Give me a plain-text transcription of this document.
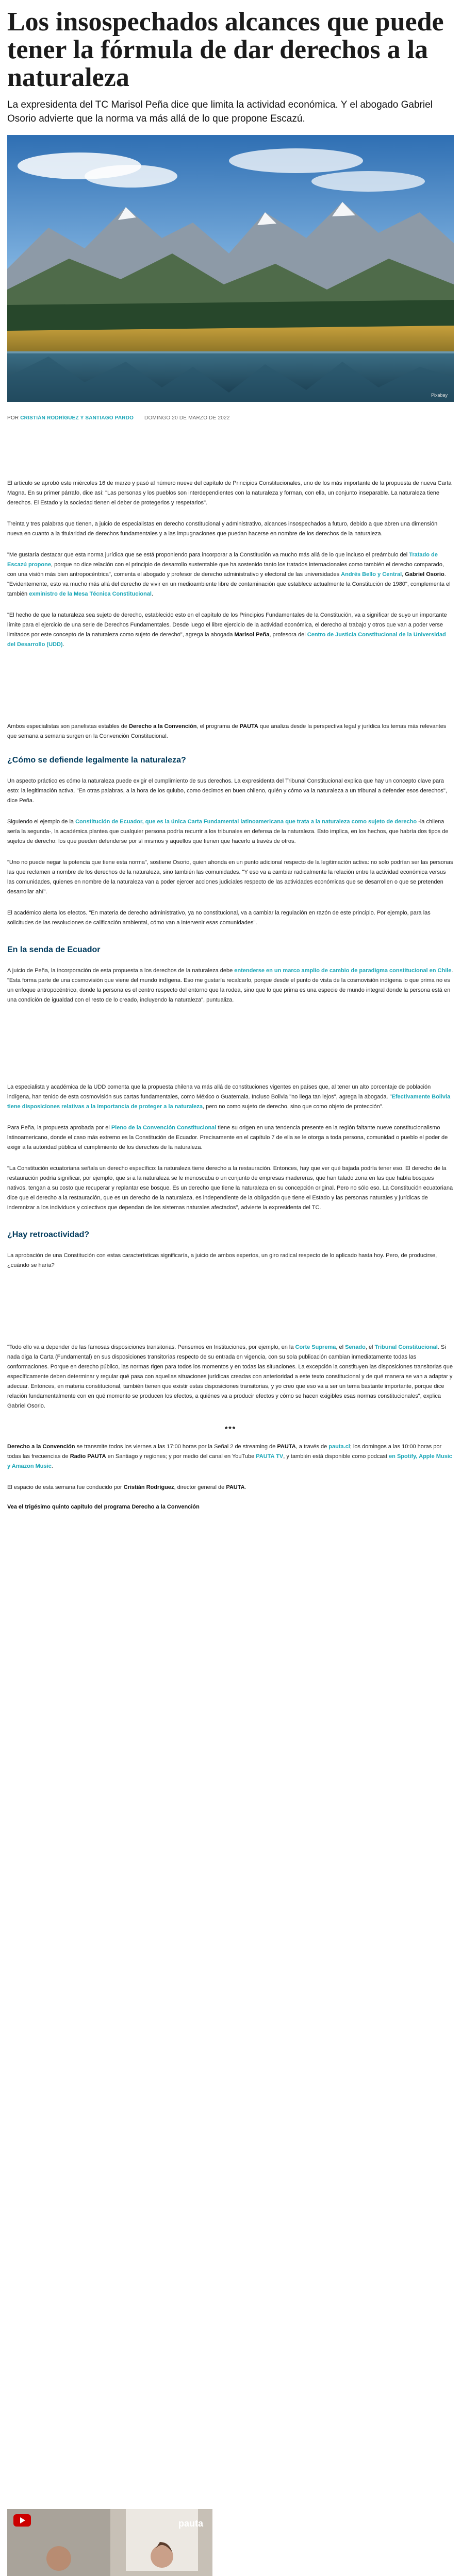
Los insospechados alcances que puede tener la fórmula de dar derechos a la naturaleza

La expresidenta del TC Marisol Peña dice que limita la actividad económica. Y el abogado Gabriel Osorio advierte que la norma va más allá de lo que propone Escazú.

Pixabay
POR CRISTIÁN RODRÍGUEZ Y SANTIAGO PARDO DOMINGO 20 DE MARZO DE 2022

El artículo se aprobó este miércoles 16 de marzo y pasó al número nueve del capítulo de Principios Constitucionales, uno de los más importante de la propuesta de nueva Carta Magna. En su primer párrafo, dice así: "Las personas y los pueblos son interdependientes con la naturaleza y forman, con ella, un conjunto inseparable. La naturaleza tiene derechos. El Estado y la sociedad tienen el deber de protegerlos y respetarlos".

Treinta y tres palabras que tienen, a juicio de especialistas en derecho constitucional y administrativo, alcances insospechados a futuro, debido a que abren una dimensión nueva en cuanto a la titularidad de derechos fundamentales y a las impugnaciones que puedan hacerse en nombre de los derechos de la naturaleza.

"Me gustaría destacar que esta norma jurídica que se está proponiendo para incorporar a la Constitución va mucho más allá de lo que incluso el preámbulo del Tratado de Escazú propone, porque no dice relación con el principio de desarrollo sustentable que ha sostenido tanto los tratados internacionales como también el derecho comparado, con una visión más bien antropocéntrica", comenta el abogado y profesor de derecho administrativo y electoral de las universidades Andrés Bello y Central, Gabriel Osorio. "Evidentemente, esto va mucho más allá del derecho de vivir en un medioambiente libre de contaminación que establece actualmente la Constitución de 1980", complementa el también exministro de la Mesa Técnica Constitucional.

"El hecho de que la naturaleza sea sujeto de derecho, establecido esto en el capítulo de los Principios Fundamentales de la Constitución, va a significar de suyo un importante límite para el ejercicio de una serie de Derechos Fundamentales. Desde luego el libre ejercicio de la actividad económica, el derecho al trabajo y otros que van a poder verse limitados por este concepto de la naturaleza como sujeto de derecho", agrega la abogada Marisol Peña, profesora del Centro de Justicia Constitucional de la Universidad del Desarrollo (UDD).

Ambos especialistas son panelistas estables de Derecho a la Convención, el programa de PAUTA que analiza desde la perspectiva legal y jurídica los temas más relevantes que semana a semana surgen en la Convención Constitucional.

¿Cómo se defiende legalmente la naturaleza?

Un aspecto práctico es cómo la naturaleza puede exigir el cumplimiento de sus derechos. La expresidenta del Tribunal Constitucional explica que hay un concepto clave para esto: la legitimación activa. "En otras palabras, a la hora de los quiubo, como decimos en buen chileno, quién y cómo va la naturaleza a un tribunal a defender esos derechos", dice Peña.

Siguiendo el ejemplo de la Constitución de Ecuador, que es la única Carta Fundamental latinoamericana que trata a la naturaleza como sujeto de derecho -la chilena sería la segunda-, la académica plantea que cualquier persona podría recurrir a los tribunales en defensa de la naturaleza. Esto implica, en los hechos, que habría dos tipos de sujetos de derecho: los que pueden defenderse por sí mismos y aquellos que tienen que hacerlo a través de otros.

"Uno no puede negar la potencia que tiene esta norma", sostiene Osorio, quien ahonda en un punto adicional respecto de la legitimación activa: no solo podrían ser las personas las que reclamen a nombre de los derechos de la naturaleza, sino también las comunidades. "Y eso va a cambiar radicalmente la relación entre la actividad económica versus las comunidades, quienes en nombre de la naturaleza van a poder ejercer acciones judiciales respecto de las actividades económicas que se desarrollen o que se pretenden desarrollar ahí".

El académico alerta los efectos. "En materia de derecho administrativo, ya no constitucional, va a cambiar la regulación en razón de este principio. Por ejemplo, para las solicitudes de las resoluciones de calificación ambiental, cómo van a intervenir esas comunidades".

En la senda de Ecuador

A juicio de Peña, la incorporación de esta propuesta a los derechos de la naturaleza debe entenderse en un marco amplio de cambio de paradigma constitucional en Chile. "Esta forma parte de una cosmovisión que viene del mundo indígena. Eso me gustaría recalcarlo, porque desde el punto de vista de la cosmovisión indígena lo que prima no es un enfoque antropocéntrico, donde la persona es el centro respecto del entorno que la rodea, sino que lo que prima es una especie de mundo integral donde la persona está en una condición de igualdad con el resto de lo creado, incluyendo la naturaleza", puntualiza.

La especialista y académica de la UDD comenta que la propuesta chilena va más allá de constituciones vigentes en países que, al tener un alto porcentaje de población indígena, han tenido de esta cosmovisión sus cartas fundamentales, como México o Guatemala. Incluso Bolivia "no llega tan lejos", agrega la abogada. "Efectivamente Bolivia tiene disposiciones relativas a la importancia de proteger a la naturaleza, pero no como sujeto de derecho, sino que como objeto de protección".

Para Peña, la propuesta aprobada por el Pleno de la Convención Constitucional tiene su origen en una tendencia presente en la región faltante nueve constitucionalismo latinoamericano, donde el caso más extremo es la Constitución de Ecuador. Precisamente en el capítulo 7 de ella se le otorga a toda persona, comunidad o pueblo el poder de exigir a la autoridad pública el cumplimiento de los derechos de la naturaleza.

"La Constitución ecuatoriana señala un derecho específico: la naturaleza tiene derecho a la restauración. Entonces, hay que ver qué bajada podría tener eso. El derecho de la restauración podría significar, por ejemplo, que si a la naturaleza se le menoscaba o un conjunto de empresas madereras, que han talado zona en las que había bosques nativos, tengan a su costo que recuperar y replantar ese bosque. Es un derecho que tiene la naturaleza en su concepción original. Pero no sólo eso. La Constitución ecuatoriana dice que el derecho a la restauración, que es un derecho de la naturaleza, es independiente de la obligación que tiene el Estado y las personas naturales y jurídicas de indemnizar a los individuos y colectivos que dependan de los sistemas naturales afectados", advierte la expresidenta del TC.

¿Hay retroactividad?

La aprobación de una Constitución con estas características significaría, a juicio de ambos expertos, un giro radical respecto de lo aplicado hasta hoy. Pero, de producirse, ¿cuándo se haría?

"Todo ello va a depender de las famosas disposiciones transitorias. Pensemos en Instituciones, por ejemplo, en la Corte Suprema, el Senado, el Tribunal Constitucional. Si nada diga la Carta (Fundamental) en sus disposiciones transitorias respecto de su entrada en vigencia, con su sola publicación cambian inmediatamente todas las conformaciones. Porque en derecho público, las normas rigen para todos los momentos y en todas las situaciones. La excepción la constituyen las disposiciones transitorias que específicamente deben determinar y regular qué pasa con aquellas situaciones jurídicas creadas con anterioridad a este texto constitucional y de qué manera se van a adaptar y adecuar. Entonces, en materia constitucional, también tienen que existir estas disposiciones transitorias, y yo creo que eso va a ser un tema bastante importante, porque dice relación fundamentalmente con en qué momento se producen los efectos, a quiénes va a producir efectos y cómo se hacen exigibles esas normas constitucionales", explica Gabriel Osorio.

***

Derecho a la Convención se transmite todos los viernes a las 17:00 horas por la Señal 2 de streaming de PAUTA, a través de pauta.cl; los domingos a las 10:00 horas por todas las frecuencias de Radio PAUTA en Santiago y regiones; y por medio del canal en YouTube PAUTA TV, y también está disponible como podcast en Spotify, Apple Music y Amazon Music.

El espacio de esta semana fue conducido por Cristián Rodríguez, director general de PAUTA.

Vea el trigésimo quinto capítulo del programa Derecho a la Convención

pauta
